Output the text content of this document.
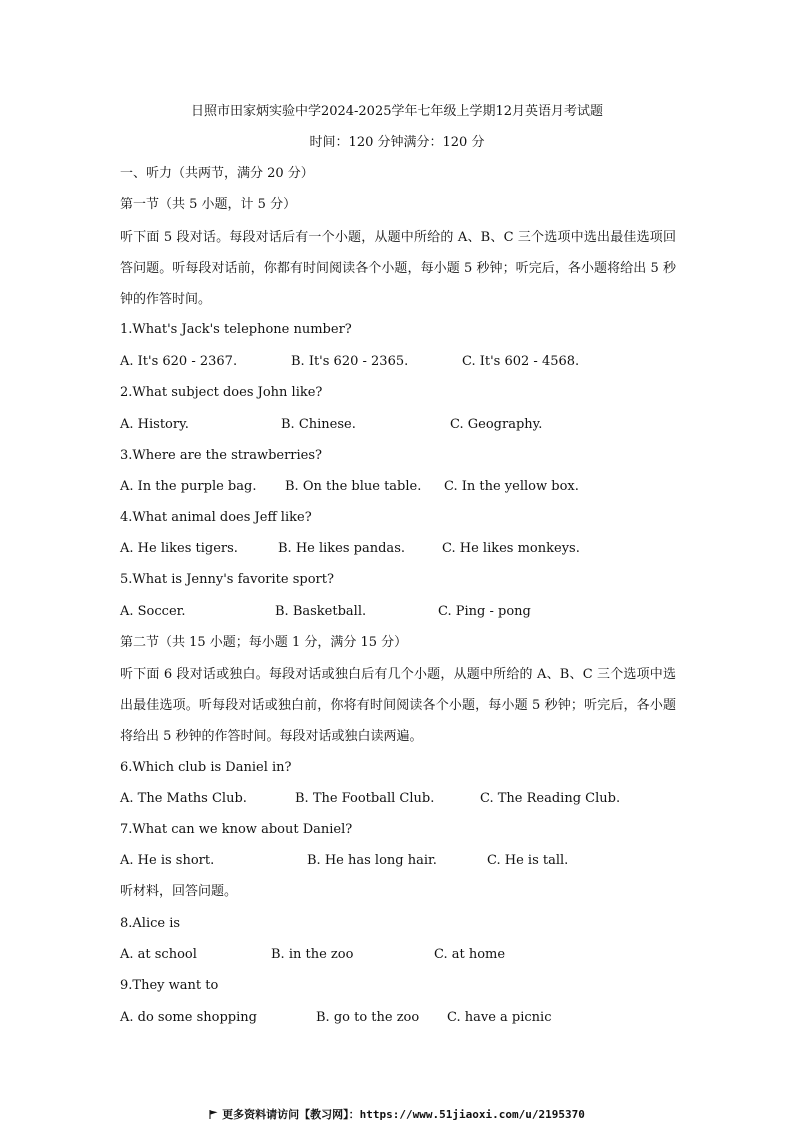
日照市田家炳实验中学2024-2025学年七年级上学期12月英语月考试题
时间：120 分钟满分：120 分
一、听力（共两节，满分 20 分）
第一节（共 5 小题，计 5 分）
听下面 5 段对话。每段对话后有一个小题，从题中所给的 A、B、C 三个选项中选出最佳选项回答问题。听每段对话前，你都有时间阅读各个小题，每小题 5 秒钟；听完后，各小题将给出 5 秒钟的作答时间。
1.What's Jack's telephone number?
A. It's 620 - 2367.	B. It's 620 - 2365.	C. It's 602 - 4568.
2.What subject does John like?
A. History.	B. Chinese.	C. Geography.
3.Where are the strawberries?
A. In the purple bag. B. On the blue table. C. In the yellow box.
4.What animal does Jeff like?
A. He likes tigers.	B. He likes pandas.	C. He likes monkeys.
5.What is Jenny's favorite sport?
A. Soccer.	B. Basketball.	C. Ping - pong
第二节（共 15 小题；每小题 1 分，满分 15 分）
听下面 6 段对话或独白。每段对话或独白后有几个小题，从题中所给的 A、B、C 三个选项中选出最佳选项。听每段对话或独白前，你将有时间阅读各个小题，每小题 5 秒钟；听完后，各小题将给出 5 秒钟的作答时间。每段对话或独白读两遍。
6.Which club is Daniel in?
A. The Maths Club.	B. The Football Club.	C. The Reading Club.
7.What can we know about Daniel?
A. He is short.	B. He has long hair.	C. He is tall.
听材料，回答问题。
8.Alice is
A. at school	B. in the zoo	C. at home
9.They want to
A. do some shopping	B. go to the zoo C. have a picnic
更多资料请访问【教习网】：https://www.51jiaoxi.com/u/2195370
